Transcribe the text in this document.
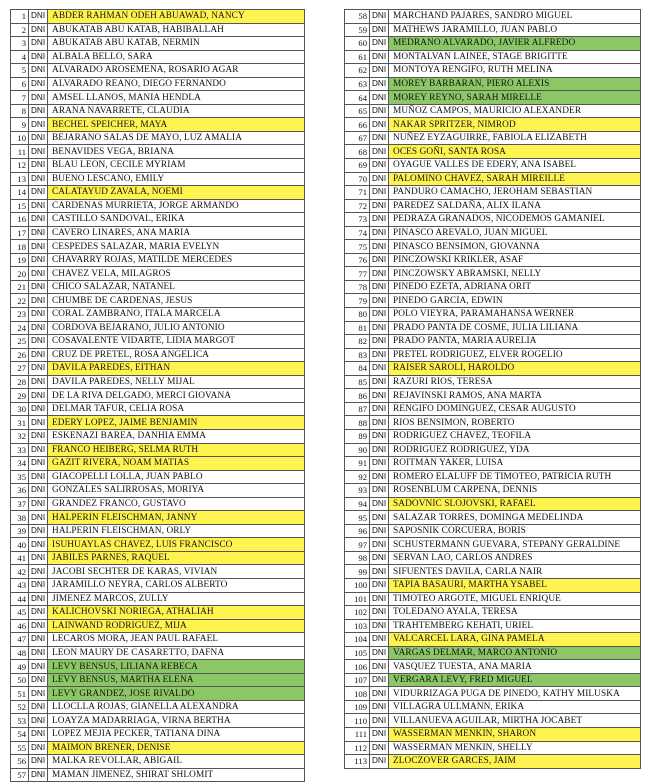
1	DNI	ABDER RAHMAN ODEH ABUAWAD, NANCY
2	DNI	ABUKATAB ABU KATAB, HABIBALLAH
3	DNI	ABUKATAB ABU KATAB, NERMIN
4	DNI	ALBALA BELLO, SARA
5	DNI	ALVARADO AROSEMENA, ROSARIO AGAR
6	DNI	ALVARADO REANO, DIEGO FERNANDO
7	DNI	AMSEL LLANOS, MANIA HENDLA
8	DNI	ARANA NAVARRETE, CLAUDIA
9	DNI	BECHEL SPEICHER, MAYA
10	DNI	BEJARANO SALAS DE MAYO, LUZ AMALIA
11	DNI	BENAVIDES VEGA, BRIANA
12	DNI	BLAU LEON, CECILE MYRIAM
13	DNI	BUENO LESCANO, EMILY
14	DNI	CALATAYUD ZAVALA, NOEMI
15	DNI	CARDENAS MURRIETA, JORGE ARMANDO
16	DNI	CASTILLO SANDOVAL, ERIKA
17	DNI	CAVERO LINARES, ANA MARIA
18	DNI	CESPEDES SALAZAR, MARIA EVELYN
19	DNI	CHAVARRY ROJAS, MATILDE MERCEDES
20	DNI	CHAVEZ VELA, MILAGROS
21	DNI	CHICO SALAZAR, NATANEL
22	DNI	CHUMBE DE CARDENAS, JESUS
23	DNI	CORAL ZAMBRANO, ITALA MARCELA
24	DNI	CORDOVA BEJARANO, JULIO ANTONIO
25	DNI	COSAVALENTE VIDARTE, LIDIA MARGOT
26	DNI	CRUZ DE PRETEL, ROSA ANGELICA
27	DNI	DAVILA PAREDES, EITHAN
28	DNI	DAVILA PAREDES, NELLY MIJAL
29	DNI	DE LA RIVA DELGADO, MERCI GIOVANA
30	DNI	DELMAR TAFUR, CELIA ROSA
31	DNI	EDERY LOPEZ, JAIME BENJAMIN
32	DNI	ESKENAZI BAREA, DANHIA EMMA
33	DNI	FRANCO HEIBERG, SELMA RUTH
34	DNI	GAZIT RIVERA, NOAM MATIAS
35	DNI	GIACOPELLI LOLLA, JUAN PABLO
36	DNI	GONZALES SALIRROSAS, MORIYA
37	DNI	GRANDEZ FRANCO, GUSTAVO
38	DNI	HALPERIN FLEISCHMAN, JANNY
39	DNI	HALPERIN FLEISCHMAN, ORLY
40	DNI	ISUHUAYLAS CHAVEZ, LUIS FRANCISCO
41	DNI	JABILES PARNES, RAQUEL
42	DNI	JACOBI SECHTER DE KARAS, VIVIAN
43	DNI	JARAMILLO NEYRA, CARLOS ALBERTO
44	DNI	JIMENEZ MARCOS, ZULLY
45	DNI	KALICHOVSKI NORIEGA, ATHALIAH
46	DNI	LAINWAND RODRIGUEZ, MIJA
47	DNI	LECAROS MORA, JEAN PAUL RAFAEL
48	DNI	LEON MAURY DE CASARETTO, DAFNA
49	DNI	LEVY BENSUS, LILIANA REBECA
50	DNI	LEVY BENSUS, MARTHA ELENA
51	DNI	LEVY GRANDEZ, JOSE RIVALDO
52	DNI	LLOCLLA ROJAS, GIANELLA ALEXANDRA
53	DNI	LOAYZA MADARRIAGA, VIRNA BERTHA
54	DNI	LOPEZ MEJIA PECKER, TATIANA DINA
55	DNI	MAIMON BRENER, DENISE
56	DNI	MALKA REVOLLAR, ABIGAIL
57	DNI	MAMAN JIMENEZ, SHIRAT SHLOMIT
58	DNI	MARCHAND PAJARES, SANDRO MIGUEL
59	DNI	MATHEWS JARAMILLO, JUAN PABLO
60	DNI	MEDRANO ALVARADO, JAVIER ALFREDO
61	DNI	MONTALVAN LAINEE, STAGE BRIGITTE
62	DNI	MONTOYA RENGIFO, RUTH MELINA
63	DNI	MOREY BARBARAN, PIERO ALEXIS
64	DNI	MOREY REYNO, SARAH MIRELLE
65	DNI	MUÑOZ CAMPOS, MAURICIO ALEXANDER
66	DNI	NAKAR SPRITZER, NIMROD
67	DNI	NUÑEZ EYZAGUIRRE, FABIOLA ELIZABETH
68	DNI	OCES GOÑI, SANTA ROSA
69	DNI	OYAGUE VALLES DE EDERY, ANA ISABEL
70	DNI	PALOMINO CHAVEZ, SARAH MIREILLE
71	DNI	PANDURO CAMACHO, JEROHAM SEBASTIAN
72	DNI	PAREDEZ SALDAÑA, ALIX ILANA
73	DNI	PEDRAZA GRANADOS, NICODEMOS GAMANIEL
74	DNI	PINASCO AREVALO, JUAN MIGUEL
75	DNI	PINASCO BENSIMON, GIOVANNA
76	DNI	PINCZOWSKI KRIKLER, ASAF
77	DNI	PINCZOWSKY ABRAMSKI, NELLY
78	DNI	PINEDO EZETA, ADRIANA ORIT
79	DNI	PINEDO GARCIA, EDWIN
80	DNI	POLO VIEYRA, PARAMAHANSA WERNER
81	DNI	PRADO PANTA DE COSME, JULIA LILIANA
82	DNI	PRADO PANTA, MARIA AURELIA
83	DNI	PRETEL RODRIGUEZ, ELVER ROGELIO
84	DNI	RAISER SAROLI, HAROLDO
85	DNI	RAZURI RIOS, TERESA
86	DNI	REJAVINSKI RAMOS, ANA MARTA
87	DNI	RENGIFO DOMINGUEZ, CESAR AUGUSTO
88	DNI	RIOS BENSIMON, ROBERTO
89	DNI	RODRIGUEZ CHAVEZ, TEOFILA
90	DNI	RODRIGUEZ RODRIGUEZ, YDA
91	DNI	ROITMAN YAKER, LUISA
92	DNI	ROMERO ELALUFF DE TIMOTEO, PATRICIA RUTH
93	DNI	ROSENBLUM CARPENA, DENNIS
94	DNI	SADOVNIC SLOJOVSKI, RAFAEL
95	DNI	SALAZAR TORRES, DOMINGA MEDELINDA
96	DNI	SAPOSNIK CORCUERA, BORIS
97	DNI	SCHUSTERMANN GUEVARA, STEPANY GERALDINE
98	DNI	SERVAN LAO, CARLOS ANDRES
99	DNI	SIFUENTES DAVILA, CARLA NAIR
100	DNI	TAPIA BASAURI, MARTHA YSABEL
101	DNI	TIMOTEO ARGOTE, MIGUEL ENRIQUE
102	DNI	TOLEDANO AYALA, TERESA
103	DNI	TRAHTEMBERG KEHATI, URIEL
104	DNI	VALCARCEL LARA, GINA PAMELA
105	DNI	VARGAS DELMAR, MARCO ANTONIO
106	DNI	VASQUEZ TUESTA, ANA MARIA
107	DNI	VERGARA LEVY, FRED MIGUEL
108	DNI	VIDURRIZAGA PUGA DE PINEDO, KATHY MILUSKA
109	DNI	VILLAGRA ULLMANN, ERIKA
110	DNI	VILLANUEVA AGUILAR, MIRTHA JOCABET
111	DNI	WASSERMAN MENKIN, SHARON
112	DNI	WASSERMAN MENKIN, SHELLY
113	DNI	ZLOCZOVER GARCES, JAIM
